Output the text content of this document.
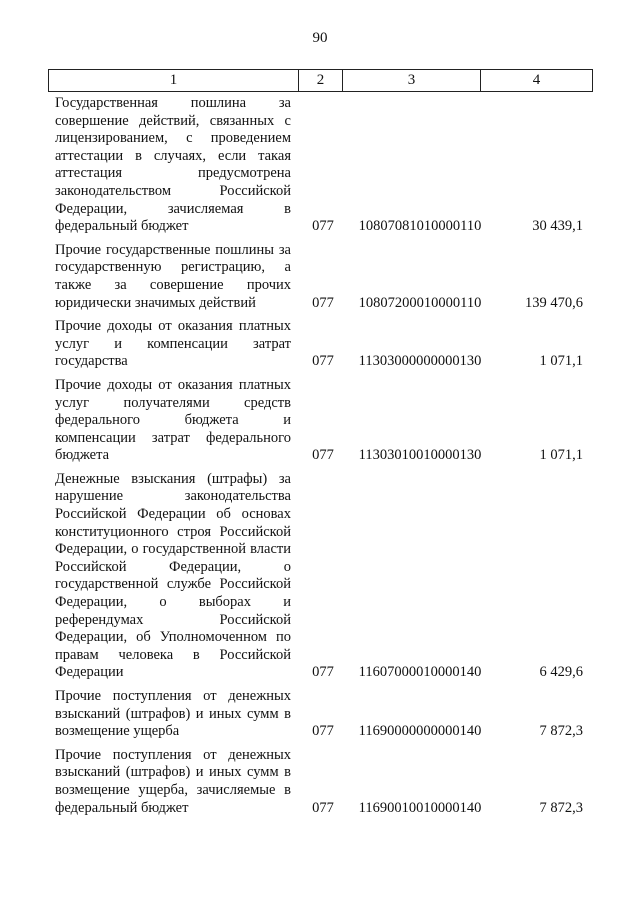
90
1	2	3	4
Государственная пошлина за совершение действий, связанных с лицензированием, с проведением аттестации в случаях, если такая аттестация предусмотрена законодательством Российской Федерации, зачисляемая в федеральный бюджет	077	10807081010000110	30 439,1
Прочие государственные пошлины за государственную регистрацию, а также за совершение прочих юридически значимых действий	077	10807200010000110	139 470,6
Прочие доходы от оказания платных услуг и компенсации затрат государства	077	11303000000000130	1 071,1
Прочие доходы от оказания платных услуг получателями средств федерального бюджета и компенсации затрат федерального бюджета	077	11303010010000130	1 071,1
Денежные взыскания (штрафы) за нарушение законодательства Российской Федерации об основах конституционного строя Российской Федерации, о государственной власти Российской Федерации, о государственной службе Российской Федерации, о выборах и референдумах Российской Федерации, об Уполномоченном по правам человека в Российской Федерации	077	11607000010000140	6 429,6
Прочие поступления от денежных взысканий (штрафов) и иных сумм в возмещение ущерба	077	11690000000000140	7 872,3
Прочие поступления от денежных взысканий (штрафов) и иных сумм в возмещение ущерба, зачисляемые в федеральный бюджет	077	11690010010000140	7 872,3
